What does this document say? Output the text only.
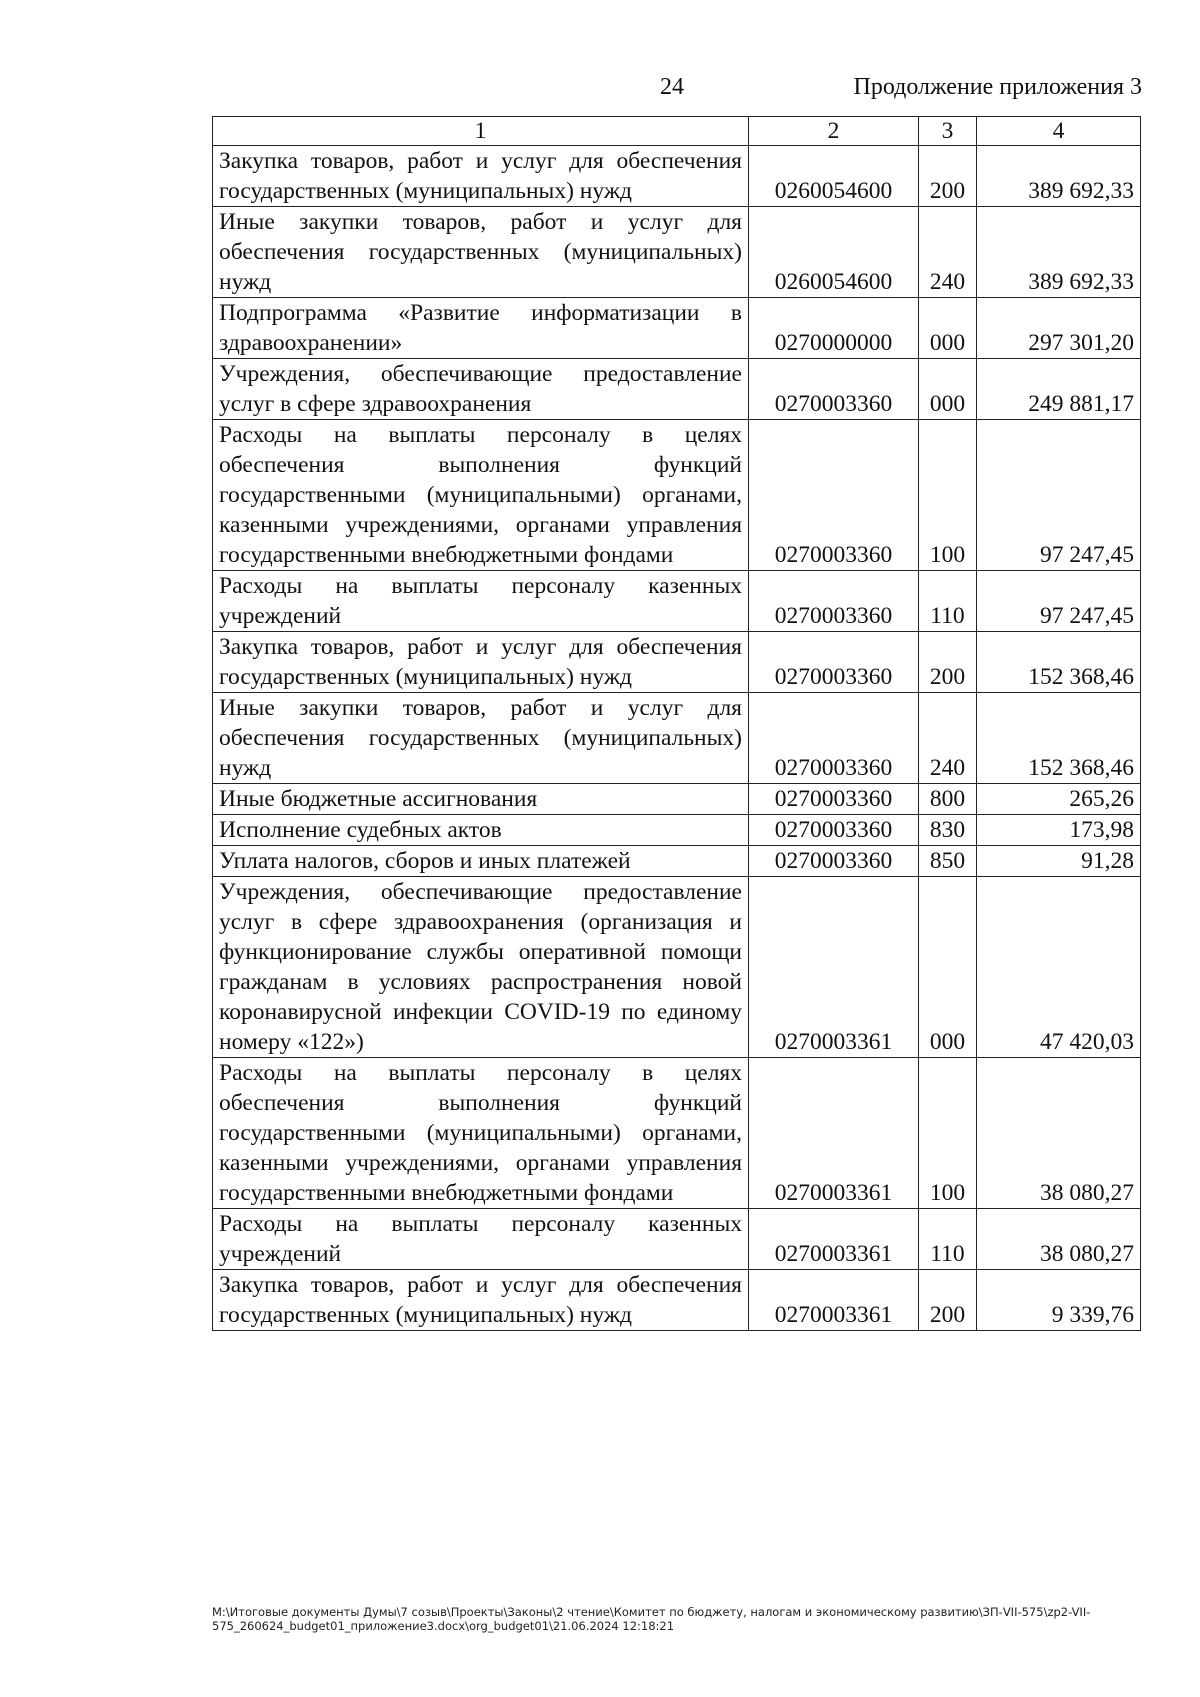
24	Продолжение приложения 3
1	2	3	4
Закупка товаров, работ и услуг для обеспечения государственных (муниципальных) нужд	0260054600	200	389 692,33
Иные закупки товаров, работ и услуг для обеспечения государственных (муниципальных) нужд	0260054600	240	389 692,33
Подпрограмма «Развитие информатизации в здравоохранении»	0270000000	000	297 301,20
Учреждения, обеспечивающие предоставление услуг в сфере здравоохранения	0270003360	000	249 881,17
Расходы на выплаты персоналу в целях обеспечения выполнения функций государственными (муниципальными) органами, казенными учреждениями, органами управления государственными внебюджетными фондами	0270003360	100	97 247,45
Расходы на выплаты персоналу казенных учреждений	0270003360	110	97 247,45
Закупка товаров, работ и услуг для обеспечения государственных (муниципальных) нужд	0270003360	200	152 368,46
Иные закупки товаров, работ и услуг для обеспечения государственных (муниципальных) нужд	0270003360	240	152 368,46
Иные бюджетные ассигнования	0270003360	800	265,26
Исполнение судебных актов	0270003360	830	173,98
Уплата налогов, сборов и иных платежей	0270003360	850	91,28
Учреждения, обеспечивающие предоставление услуг в сфере здравоохранения (организация и функционирование службы оперативной помощи гражданам в условиях распространения новой коронавирусной инфекции COVID-19 по единому номеру «122»)	0270003361	000	47 420,03
Расходы на выплаты персоналу в целях обеспечения выполнения функций государственными (муниципальными) органами, казенными учреждениями, органами управления государственными внебюджетными фондами	0270003361	100	38 080,27
Расходы на выплаты персоналу казенных учреждений	0270003361	110	38 080,27
Закупка товаров, работ и услуг для обеспечения государственных (муниципальных) нужд	0270003361	200	9 339,76
М:\Итоговые документы Думы\7 созыв\Проекты\Законы\2 чтение\Комитет по бюджету, налогам и экономическому развитию\ЗП-VII-575\zp2-VII-575_260624_budget01_приложение3.docx\org_budget01\21.06.2024 12:18:21
